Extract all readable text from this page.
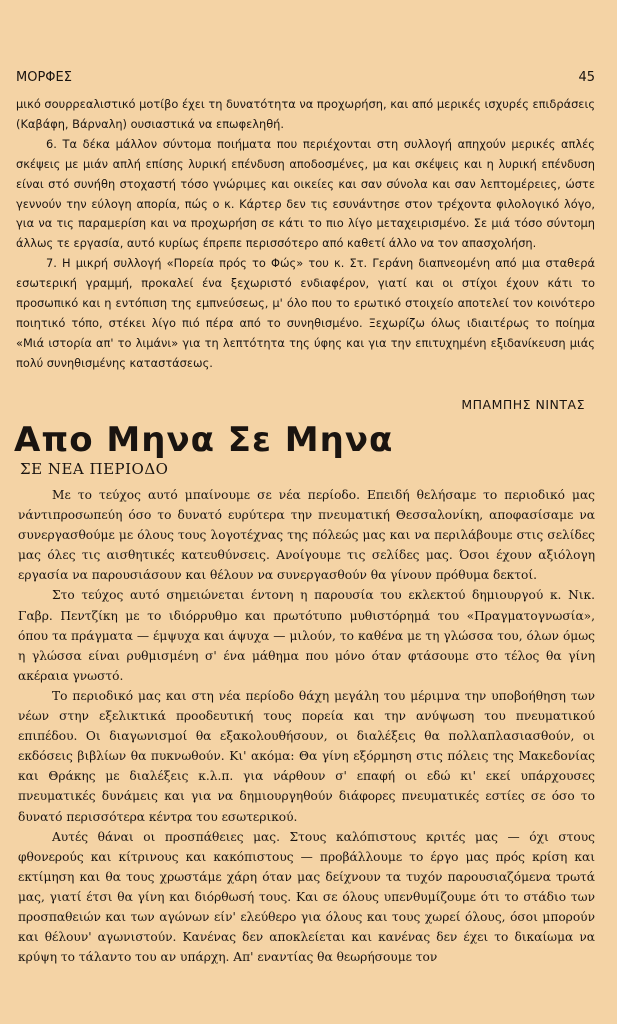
ΜΟΡΦΕΣ	45

μικό σουρρεαλιστικό μοτίβο έχει τη δυνατότητα να προχωρήση, και από μερικές ισχυρές επιδράσεις (Καβάφη, Βάρναλη) ουσιαστικά να επωφεληθή.

6. Τα δέκα μάλλον σύντομα ποιήματα που περιέχονται στη συλλογή απηχούν μερικές απλές σκέψεις με μιάν απλή επίσης λυρική επένδυση αποδοσμένες, μα και σκέψεις και η λυρική επένδυση είναι στό συνήθη στοχαστή τόσο γνώριμες και οικείες και σαν σύνολα και σαν λεπτομέρειες, ώστε γεννούν την εύλογη απορία, πώς ο κ. Κάρτερ δεν τις εσυνάντησε στον τρέχοντα φιλολογικό λόγο, για να τις παραμερίση και να προχωρήση σε κάτι το πιο λίγο μεταχειρισμένο. Σε μιά τόσο σύντομη άλλως τε εργασία, αυτό κυρίως έπρεπε περισσότερο από καθετί άλλο να τον απασχολήση.

7. Η μικρή συλλογή «Πορεία πρός το Φώς» του κ. Στ. Γεράνη διαπνεομένη από μια σταθερά εσωτερική γραμμή, προκαλεί ένα ξεχωριστό ενδιαφέρον, γιατί και οι στίχοι έχουν κάτι το προσωπικό και η εντόπιση της εμπνεύσεως, μ' όλο που το ερωτικό στοιχείο αποτελεί τον κοινότερο ποιητικό τόπο, στέκει λίγο πιό πέρα από το συνηθισμένο. Ξεχωρίζω όλως ιδιαιτέρως το ποίημα «Μιά ιστορία απ' το λιμάνι» για τη λεπτότητα της ύφης και για την επιτυχημένη εξιδανίκευση μιάς πολύ συνηθισμένης καταστάσεως.

ΜΠΑΜΠΗΣ ΝΙΝΤΑΣ
Απο Μηνα Σε Μηνα
ΣΕ ΝΕΑ ΠΕΡΙΟΔΟ

Με το τεύχος αυτό μπαίνουμε σε νέα περίοδο. Επειδή θελήσαμε το περιοδικό μας νάντιπροσωπεύη όσο το δυνατό ευρύτερα την πνευματική Θεσσαλονίκη, αποφασίσαμε να συνεργασθούμε με όλους τους λογοτέχνας της πόλεώς μας και να περιλάβουμε στις σελίδες μας όλες τις αισθητικές κατευθύνσεις. Ανοίγουμε τις σελίδες μας. Όσοι έχουν αξιόλογη εργασία να παρουσιάσουν και θέλουν να συνεργασθούν θα γίνουν πρόθυμα δεκτοί.

Στο τεύχος αυτό σημειώνεται έντονη η παρουσία του εκλεκτού δημιουργού κ. Νικ. Γαβρ. Πεντζίκη με το ιδιόρρυθμο και πρωτότυπο μυθιστόρημά του «Πραγματογνωσία», όπου τα πράγματα — έμψυχα και άψυχα — μιλούν, το καθένα με τη γλώσσα του, όλων όμως η γλώσσα είναι ρυθμισμένη σ' ένα μάθημα που μόνο όταν φτάσουμε στο τέλος θα γίνη ακέραια γνωστό.

Το περιοδικό μας και στη νέα περίοδο θάχη μεγάλη του μέριμνα την υποβοήθηση των νέων στην εξελικτικά προοδευτική τους πορεία και την ανύψωση του πνευματικού επιπέδου. Οι διαγωνισμοί θα εξακολουθήσουν, οι διαλέξεις θα πολλαπλασιασθούν, οι εκδόσεις βιβλίων θα πυκνωθούν. Κι' ακόμα: Θα γίνη εξόρμηση στις πόλεις της Μακεδονίας και Θράκης με διαλέξεις κ.λ.π. για νάρθουν σ' επαφή οι εδώ κι' εκεί υπάρχουσες πνευματικές δυνάμεις και για να δημιουργηθούν διάφορες πνευματικές εστίες σε όσο το δυνατό περισσότερα κέντρα του εσωτερικού.

Αυτές θάναι οι προσπάθειες μας. Στους καλόπιστους κριτές μας — όχι στους φθονερούς και κίτρινους και κακόπιστους — προβάλλουμε το έργο μας πρός κρίση και εκτίμηση και θα τους χρωστάμε χάρη όταν μας δείχνουν τα τυχόν παρουσιαζόμενα τρωτά μας, γιατί έτσι θα γίνη και διόρθωσή τους. Και σε όλους υπενθυμίζουμε ότι το στάδιο των προσπαθειών και των αγώνων είν' ελεύθερο για όλους και τους χωρεί όλους, όσοι μπορούν και θέλουν' αγωνιστούν. Κανένας δεν αποκλείεται και κανένας δεν έχει το δικαίωμα να κρύψη το τάλαντο του αν υπάρχη. Απ' εναντίας θα θεωρήσουμε τον
